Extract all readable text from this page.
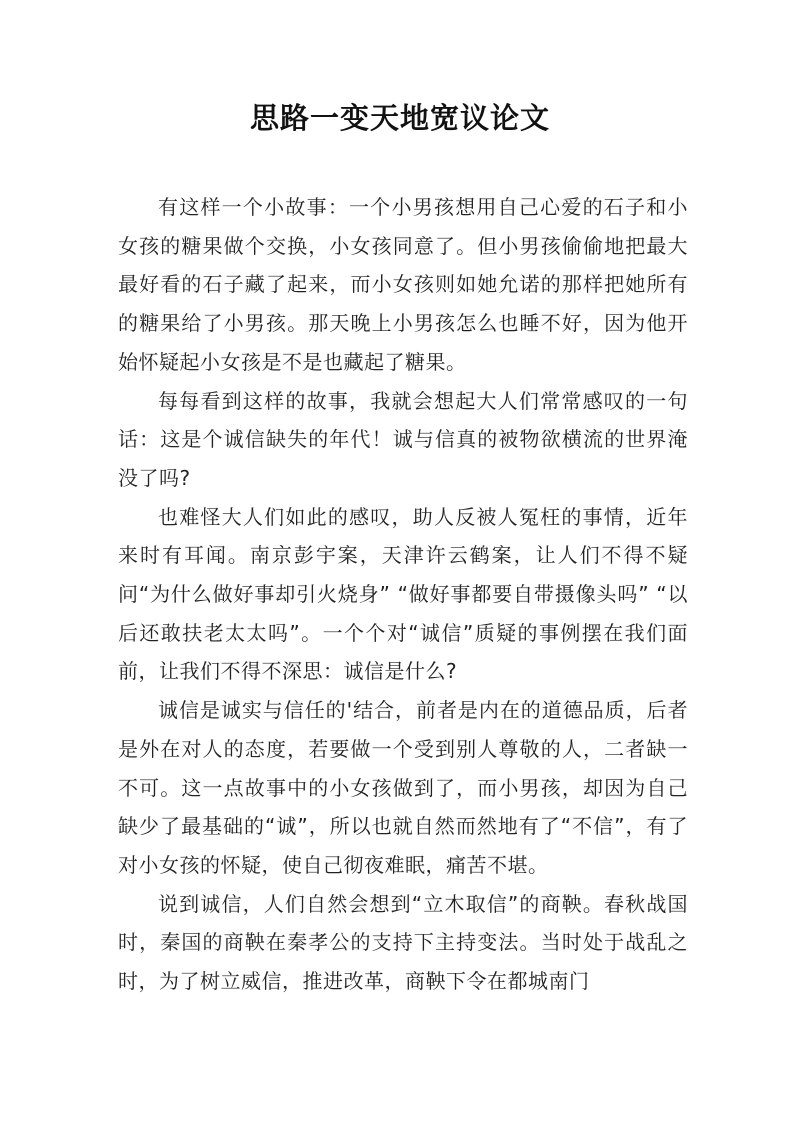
思路一变天地宽议论文

有这样一个小故事：一个小男孩想用自己心爱的石子和小女孩的糖果做个交换，小女孩同意了。但小男孩偷偷地把最大最好看的石子藏了起来，而小女孩则如她允诺的那样把她所有的糖果给了小男孩。那天晚上小男孩怎么也睡不好，因为他开始怀疑起小女孩是不是也藏起了糖果。

每每看到这样的故事，我就会想起大人们常常感叹的一句话：这是个诚信缺失的年代！诚与信真的被物欲横流的世界淹没了吗?

也难怪大人们如此的感叹，助人反被人冤枉的事情，近年来时有耳闻。南京彭宇案，天津许云鹤案，让人们不得不疑问“为什么做好事却引火烧身” “做好事都要自带摄像头吗” “以后还敢扶老太太吗”。一个个对“诚信”质疑的事例摆在我们面前，让我们不得不深思：诚信是什么?

诚信是诚实与信任的'结合，前者是内在的道德品质，后者是外在对人的态度，若要做一个受到别人尊敬的人，二者缺一不可。这一点故事中的小女孩做到了，而小男孩，却因为自己缺少了最基础的“诚”，所以也就自然而然地有了“不信”，有了对小女孩的怀疑，使自己彻夜难眠，痛苦不堪。

说到诚信，人们自然会想到“立木取信”的商鞅。春秋战国时，秦国的商鞅在秦孝公的支持下主持变法。当时处于战乱之时，为了树立威信，推进改革，商鞅下令在都城南门
